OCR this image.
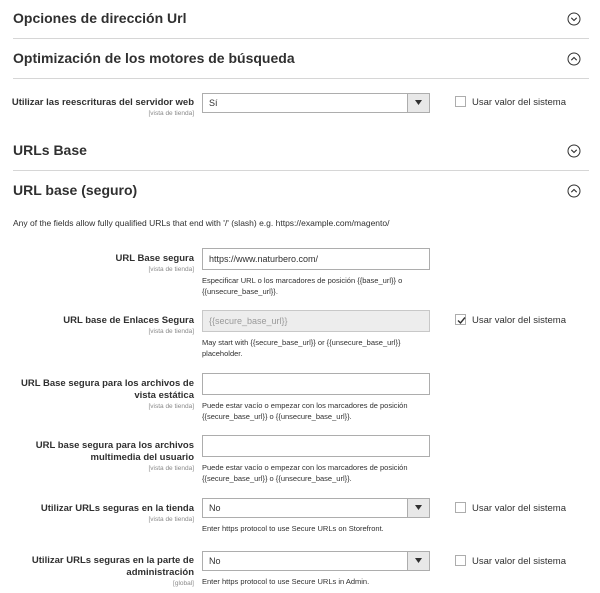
Opciones de dirección Url
Optimización de los motores de búsqueda
Utilizar las reescrituras del servidor web
[vista de tienda]
Sí	Usar valor del sistema
URLs Base
URL base (seguro)
Any of the fields allow fully qualified URLs that end with '/' (slash) e.g. https://example.com/magento/
URL Base segura
[vista de tienda]
https://www.naturbero.com/
Especificar URL o los marcadores de posición {{base_url}} o
{{unsecure_base_url}}.
URL base de Enlaces Segura
[vista de tienda]
{{secure_base_url}}
May start with {{secure_base_url}} or {{unsecure_base_url}}
placeholder.
Usar valor del sistema
URL Base segura para los archivos de
vista estática
[vista de tienda] Puede estar vacío o empezar con los marcadores de posición
{{secure_base_url}} o {{unsecure_base_url}}.
URL base segura para los archivos
multimedia del usuario
[vista de tienda] Puede estar vacío o empezar con los marcadores de posición
{{secure_base_url}} o {{unsecure_base_url}}.
Utilizar URLs seguras en la tienda
[vista de tienda]
No
Enter https protocol to use Secure URLs on Storefront.
Usar valor del sistema
Utilizar URLs seguras en la parte de
administración
[global]
No
Enter https protocol to use Secure URLs in Admin.
Usar valor del sistema
